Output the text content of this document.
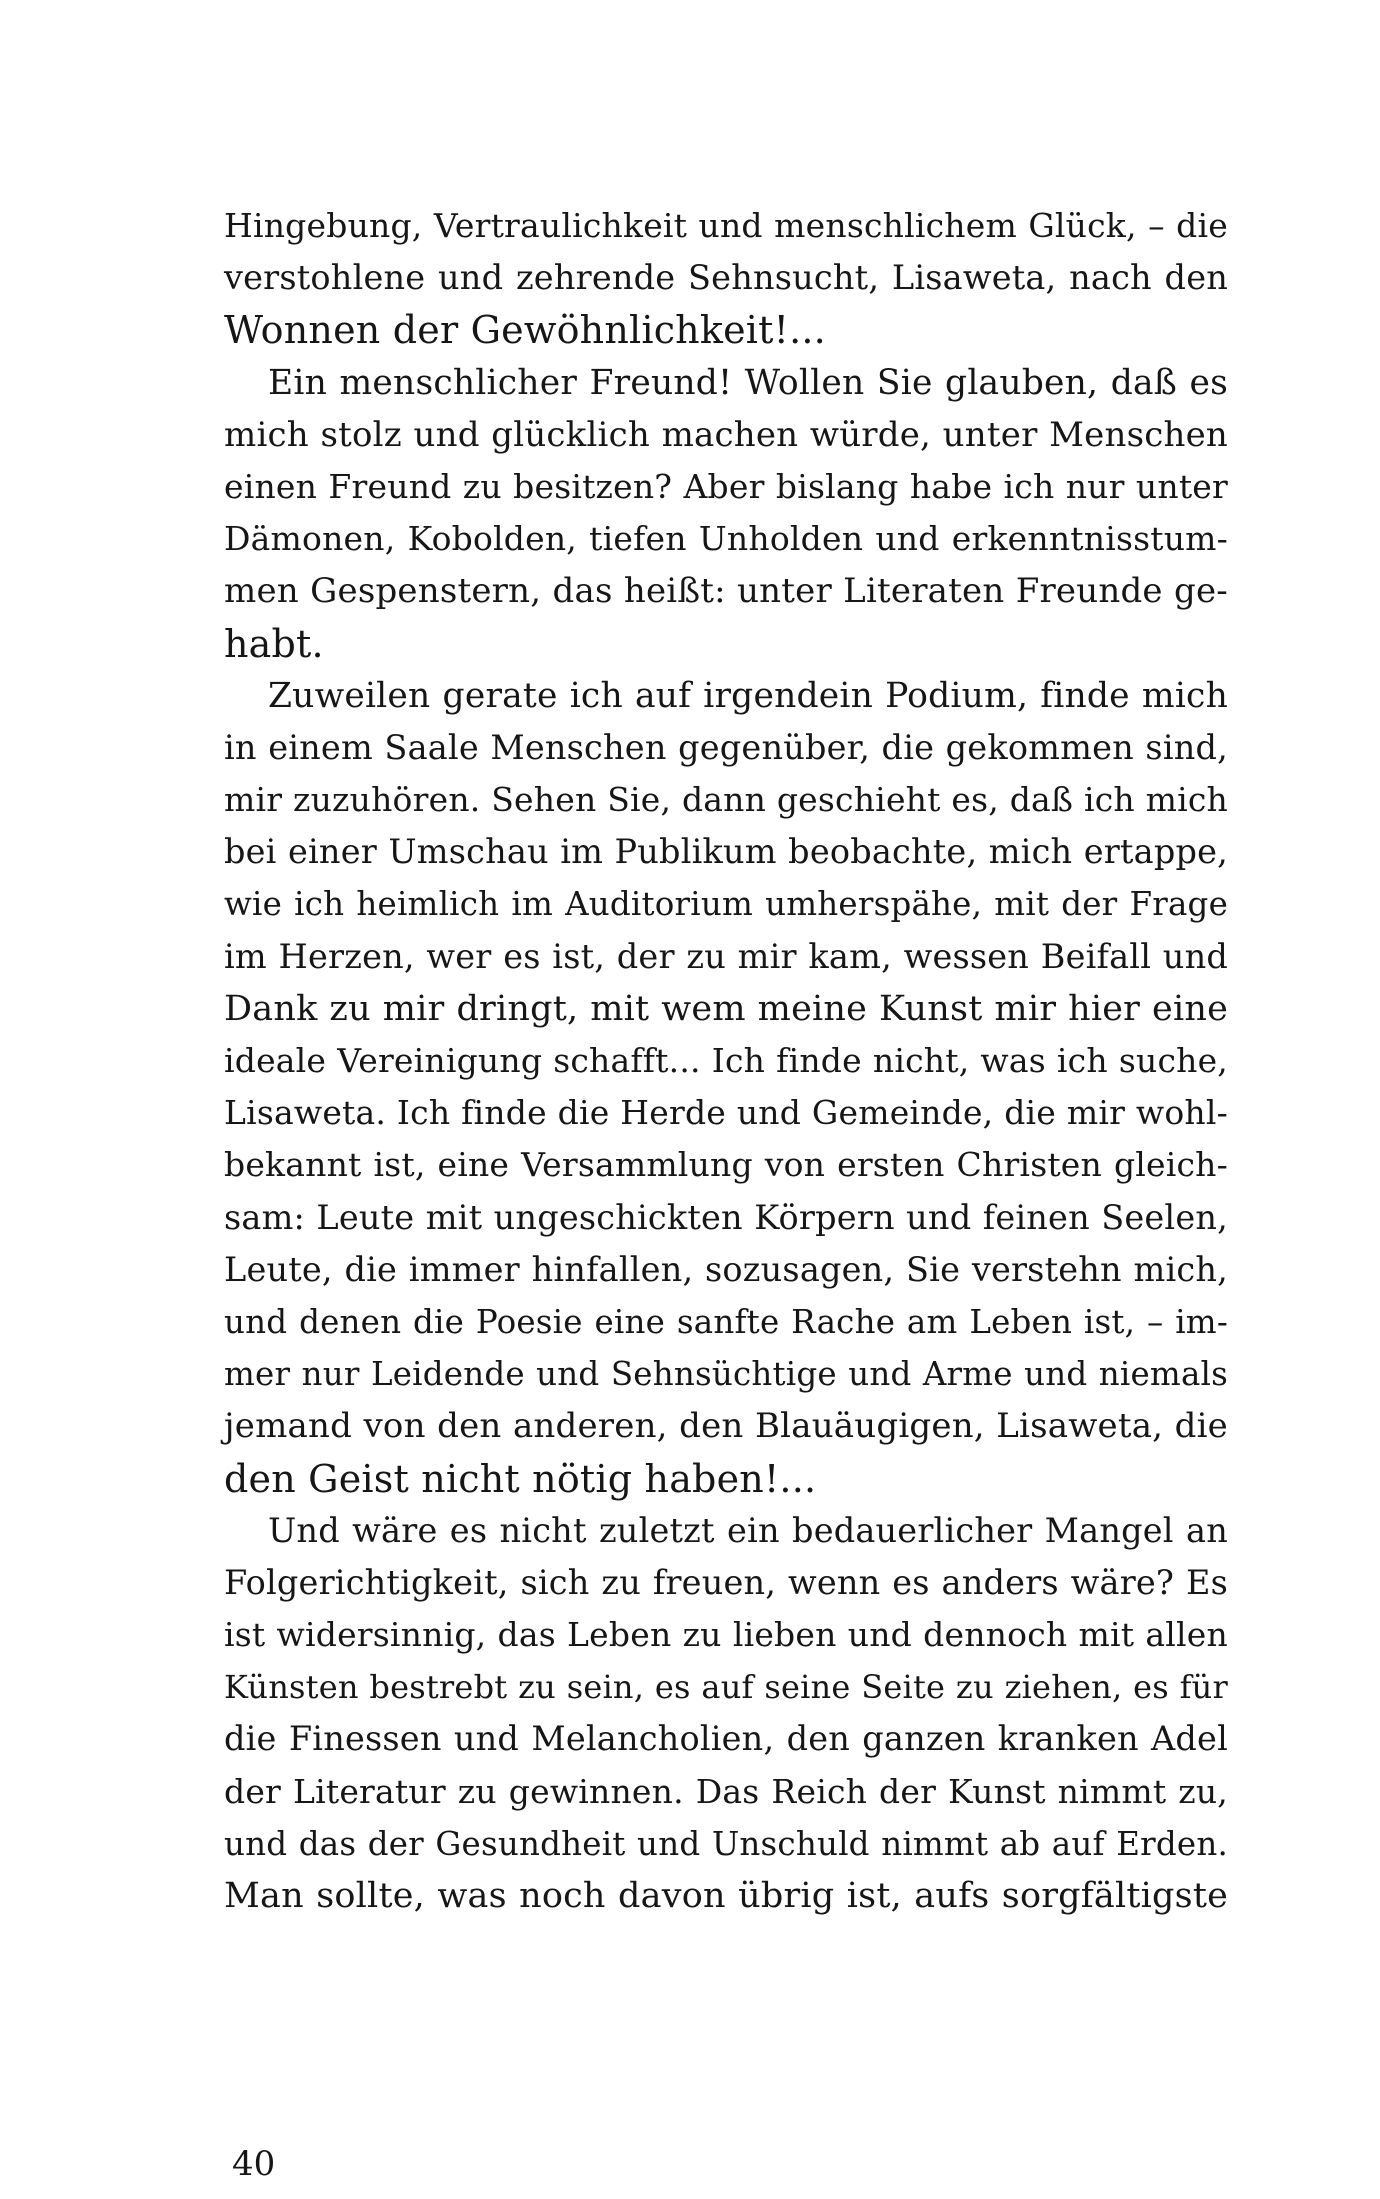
Hingebung, Vertraulichkeit und menschlichem Glück, – die
verstohlene und zehrende Sehnsucht, Lisaweta, nach den
Wonnen der Gewöhnlichkeit!...
Ein menschlicher Freund! Wollen Sie glauben, daß es
mich stolz und glücklich machen würde, unter Menschen
einen Freund zu besitzen? Aber bislang habe ich nur unter
Dämonen, Kobolden, tiefen Unholden und erkenntnisstum-
men Gespenstern, das heißt: unter Literaten Freunde ge-
habt.
Zuweilen gerate ich auf irgendein Podium, finde mich
in einem Saale Menschen gegenüber, die gekommen sind,
mir zuzuhören. Sehen Sie, dann geschieht es, daß ich mich
bei einer Umschau im Publikum beobachte, mich ertappe,
wie ich heimlich im Auditorium umherspähe, mit der Frage
im Herzen, wer es ist, der zu mir kam, wessen Beifall und
Dank zu mir dringt, mit wem meine Kunst mir hier eine
ideale Vereinigung schafft... Ich finde nicht, was ich suche,
Lisaweta. Ich finde die Herde und Gemeinde, die mir wohl-
bekannt ist, eine Versammlung von ersten Christen gleich-
sam: Leute mit ungeschickten Körpern und feinen Seelen,
Leute, die immer hinfallen, sozusagen, Sie verstehn mich,
und denen die Poesie eine sanfte Rache am Leben ist, – im-
mer nur Leidende und Sehnsüchtige und Arme und niemals
jemand von den anderen, den Blauäugigen, Lisaweta, die
den Geist nicht nötig haben!...
Und wäre es nicht zuletzt ein bedauerlicher Mangel an
Folgerichtigkeit, sich zu freuen, wenn es anders wäre? Es
ist widersinnig, das Leben zu lieben und dennoch mit allen
Künsten bestrebt zu sein, es auf seine Seite zu ziehen, es für
die Finessen und Melancholien, den ganzen kranken Adel
der Literatur zu gewinnen. Das Reich der Kunst nimmt zu,
und das der Gesundheit und Unschuld nimmt ab auf Erden.
Man sollte, was noch davon übrig ist, aufs sorgfältigste
40
